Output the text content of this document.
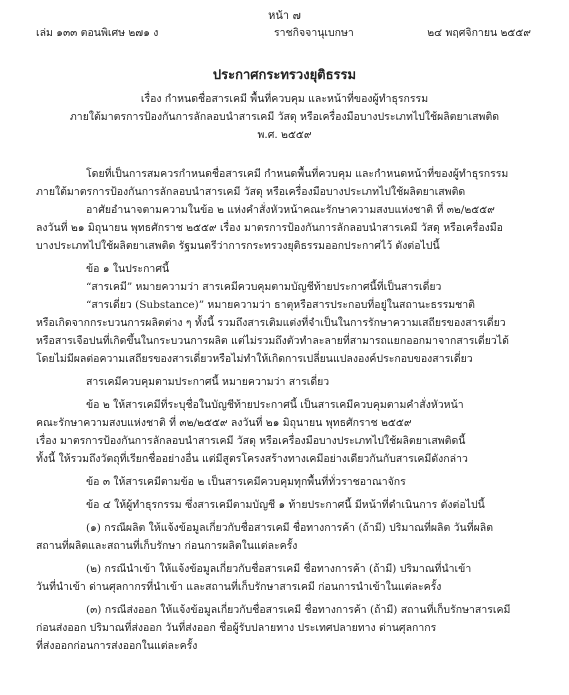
หน้า ๗
เล่ม ๑๓๓ ตอนพิเศษ ๒๗๑ ง	ราชกิจจานุเบกษา	๒๔ พฤศจิกายน ๒๕๕๙
ประกาศกระทรวงยุติธรรม
เรื่อง กำหนดชื่อสารเคมี พื้นที่ควบคุม และหน้าที่ของผู้ทำธุรกรรม
ภายใต้มาตรการป้องกันการลักลอบนำสารเคมี วัสดุ หรือเครื่องมือบางประเภทไปใช้ผลิตยาเสพติด
พ.ศ. ๒๕๕๙
โดยที่เป็นการสมควรกำหนดชื่อสารเคมี กำหนดพื้นที่ควบคุม และกำหนดหน้าที่ของผู้ทำธุรกรรม
ภายใต้มาตรการป้องกันการลักลอบนำสารเคมี วัสดุ หรือเครื่องมือบางประเภทไปใช้ผลิตยาเสพติด
อาศัยอำนาจตามความในข้อ ๒ แห่งคำสั่งหัวหน้าคณะรักษาความสงบแห่งชาติ ที่ ๓๒/๒๕๕๙
ลงวันที่ ๒๑ มิถุนายน พุทธศักราช ๒๕๕๙ เรื่อง มาตรการป้องกันการลักลอบนำสารเคมี วัสดุ หรือเครื่องมือ
บางประเภทไปใช้ผลิตยาเสพติด รัฐมนตรีว่าการกระทรวงยุติธรรมออกประกาศไว้ ดังต่อไปนี้
ข้อ ๑ ในประกาศนี้
“สารเคมี” หมายความว่า สารเคมีควบคุมตามบัญชีท้ายประกาศนี้ที่เป็นสารเดี่ยว
“สารเดี่ยว (Substance)” หมายความว่า ธาตุหรือสารประกอบที่อยู่ในสถานะธรรมชาติ
หรือเกิดจากกระบวนการผลิตต่าง ๆ ทั้งนี้ รวมถึงสารเติมแต่งที่จำเป็นในการรักษาความเสถียรของสารเดี่ยว
หรือสารเจือปนที่เกิดขึ้นในกระบวนการผลิต แต่ไม่รวมถึงตัวทำละลายที่สามารถแยกออกมาจากสารเดี่ยวได้
โดยไม่มีผลต่อความเสถียรของสารเดี่ยวหรือไม่ทำให้เกิดการเปลี่ยนแปลงองค์ประกอบของสารเดี่ยว
สารเคมีควบคุมตามประกาศนี้ หมายความว่า สารเดี่ยว
ข้อ ๒ ให้สารเคมีที่ระบุชื่อในบัญชีท้ายประกาศนี้ เป็นสารเคมีควบคุมตามคำสั่งหัวหน้า
คณะรักษาความสงบแห่งชาติ ที่ ๓๒/๒๕๕๙ ลงวันที่ ๒๑ มิถุนายน พุทธศักราช ๒๕๕๙
เรื่อง มาตรการป้องกันการลักลอบนำสารเคมี วัสดุ หรือเครื่องมือบางประเภทไปใช้ผลิตยาเสพติดนี้
ทั้งนี้ ให้รวมถึงวัตถุที่เรียกชื่ออย่างอื่น แต่มีสูตรโครงสร้างทางเคมีอย่างเดียวกันกับสารเคมีดังกล่าว
ข้อ ๓ ให้สารเคมีตามข้อ ๒ เป็นสารเคมีควบคุมทุกพื้นที่ทั่วราชอาณาจักร
ข้อ ๔ ให้ผู้ทำธุรกรรม ซึ่งสารเคมีตามบัญชี ๑ ท้ายประกาศนี้ มีหน้าที่ดำเนินการ ดังต่อไปนี้
(๑) กรณีผลิต ให้แจ้งข้อมูลเกี่ยวกับชื่อสารเคมี ชื่อทางการค้า (ถ้ามี) ปริมาณที่ผลิต วันที่ผลิต
สถานที่ผลิตและสถานที่เก็บรักษา ก่อนการผลิตในแต่ละครั้ง
(๒) กรณีนำเข้า ให้แจ้งข้อมูลเกี่ยวกับชื่อสารเคมี ชื่อทางการค้า (ถ้ามี) ปริมาณที่นำเข้า
วันที่นำเข้า ด่านศุลกากรที่นำเข้า และสถานที่เก็บรักษาสารเคมี ก่อนการนำเข้าในแต่ละครั้ง
(๓) กรณีส่งออก ให้แจ้งข้อมูลเกี่ยวกับชื่อสารเคมี ชื่อทางการค้า (ถ้ามี) สถานที่เก็บรักษาสารเคมี
ก่อนส่งออก ปริมาณที่ส่งออก วันที่ส่งออก ชื่อผู้รับปลายทาง ประเทศปลายทาง ด่านศุลกากร
ที่ส่งออกก่อนการส่งออกในแต่ละครั้ง
